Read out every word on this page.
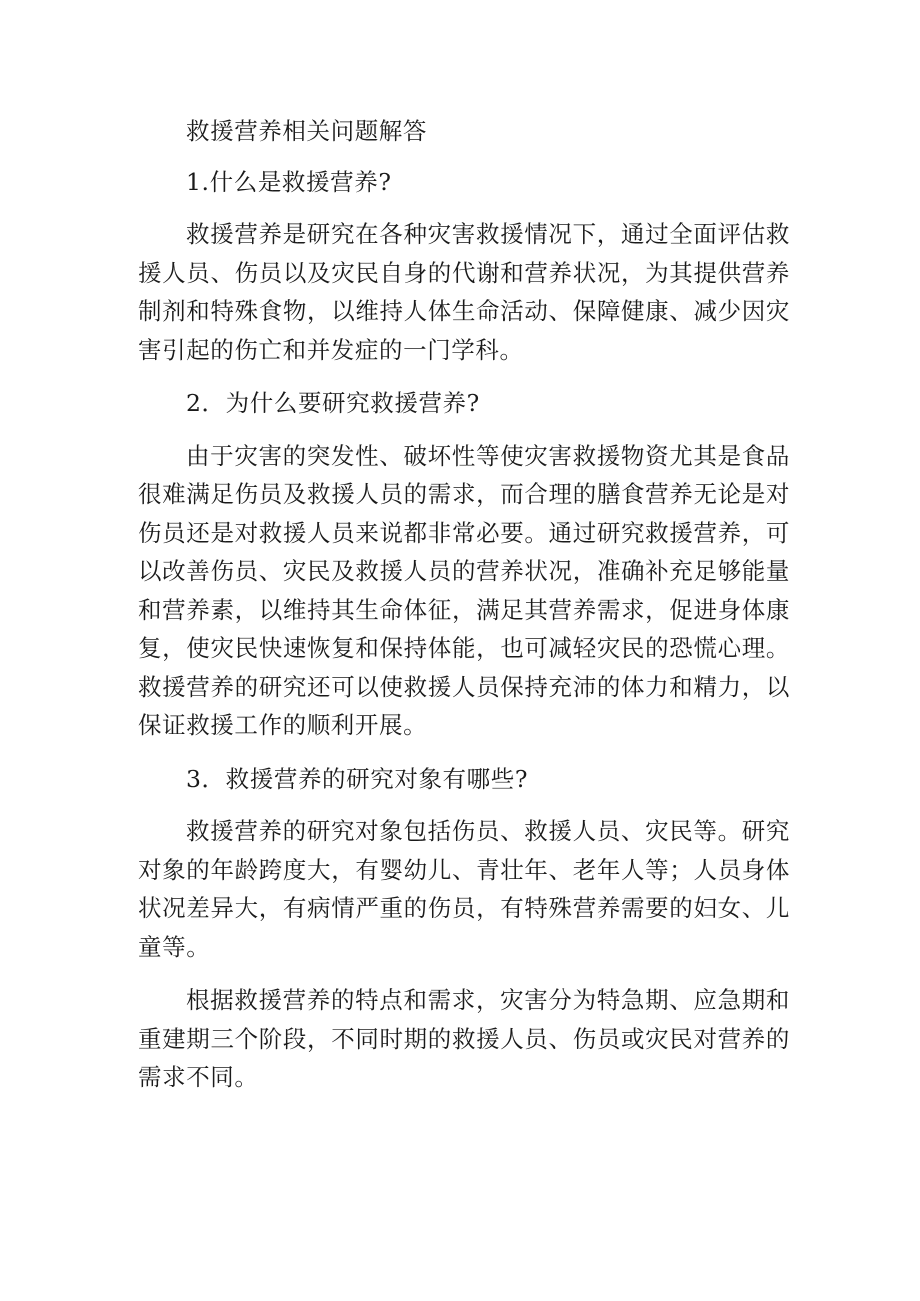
救援营养相关问题解答

1.什么是救援营养?

救援营养是研究在各种灾害救援情况下，通过全面评估救援人员、伤员以及灾民自身的代谢和营养状况，为其提供营养制剂和特殊食物，以维持人体生命活动、保障健康、减少因灾害引起的伤亡和并发症的一门学科。

2．为什么要研究救援营养?

由于灾害的突发性、破坏性等使灾害救援物资尤其是食品很难满足伤员及救援人员的需求，而合理的膳食营养无论是对伤员还是对救援人员来说都非常必要。通过研究救援营养，可以改善伤员、灾民及救援人员的营养状况，准确补充足够能量和营养素，以维持其生命体征，满足其营养需求，促进身体康复，使灾民快速恢复和保持体能，也可减轻灾民的恐慌心理。救援营养的研究还可以使救援人员保持充沛的体力和精力，以保证救援工作的顺利开展。

3．救援营养的研究对象有哪些?

救援营养的研究对象包括伤员、救援人员、灾民等。研究对象的年龄跨度大，有婴幼儿、青壮年、老年人等；人员身体状况差异大，有病情严重的伤员，有特殊营养需要的妇女、儿童等。

根据救援营养的特点和需求，灾害分为特急期、应急期和重建期三个阶段，不同时期的救援人员、伤员或灾民对营养的需求不同。
